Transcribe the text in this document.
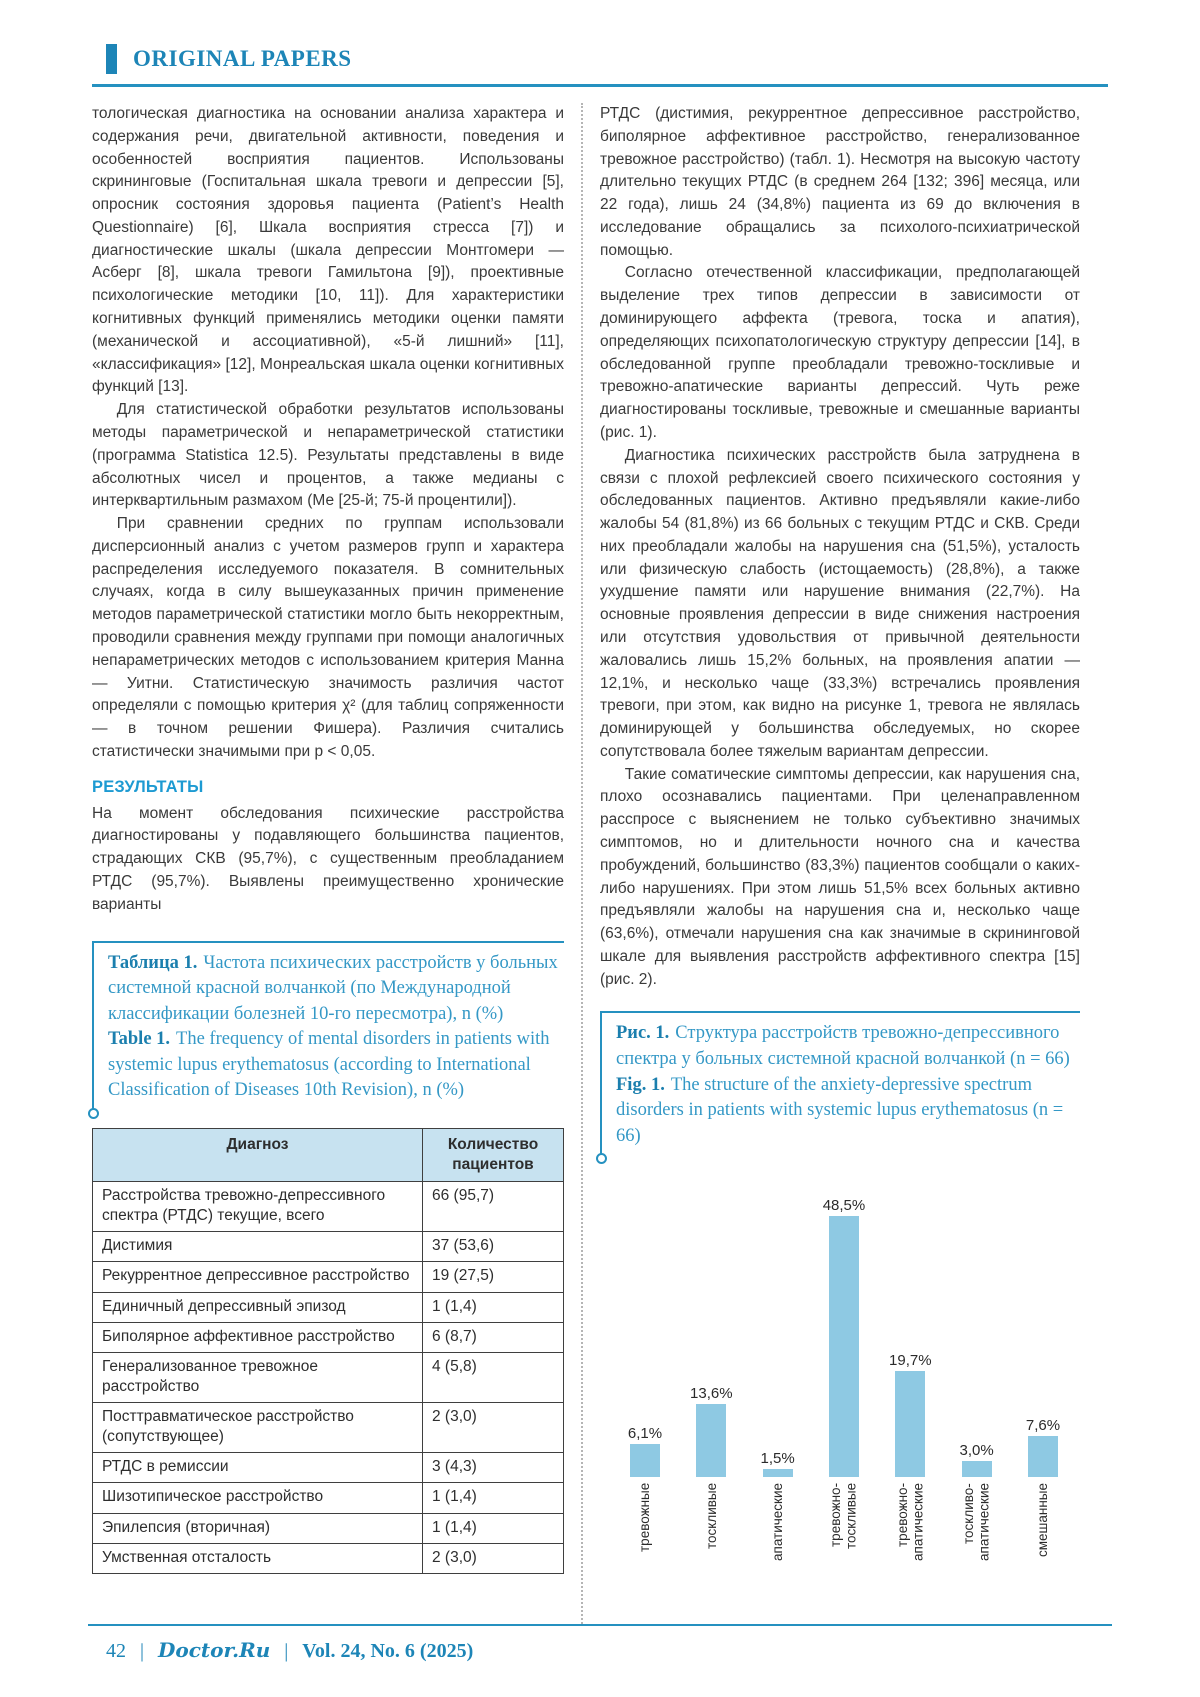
ORIGINAL PAPERS

тологическая диагностика на основании анализа характера и содержания речи, двигательной активности, поведения и особенностей восприятия пациентов. Использованы скрининговые (Госпитальная шкала тревоги и депрессии [5], опросник состояния здоровья пациента (Patient’s Health Questionnaire) [6], Шкала восприятия стресса [7]) и диагностические шкалы (шкала депрессии Монтгомери — Асберг [8], шкала тревоги Гамильтона [9]), проективные психологические методики [10, 11]). Для характеристики когнитивных функций применялись методики оценки памяти (механической и ассоциативной), «5-й лишний» [11], «классификация» [12], Монреальская шкала оценки когнитивных функций [13].

Для статистической обработки результатов использованы методы параметрической и непараметрической статистики (программа Statistica 12.5). Результаты представлены в виде абсолютных чисел и процентов, а также медианы с интерквартильным размахом (Ме [25-й; 75-й процентили]).

При сравнении средних по группам использовали дисперсионный анализ с учетом размеров групп и характера распределения исследуемого показателя. В сомнительных случаях, когда в силу вышеуказанных причин применение методов параметрической статистики могло быть некорректным, проводили сравнения между группами при помощи аналогичных непараметрических методов с использованием критерия Манна — Уитни. Статистическую значимость различия частот определяли с помощью критерия χ² (для таблиц сопряженности — в точном решении Фишера). Различия считались статистически значимыми при p < 0,05.

РЕЗУЛЬТАТЫ

На момент обследования психические расстройства диагностированы у подавляющего большинства пациентов, страдающих СКВ (95,7%), с существенным преобладанием РТДС (95,7%). Выявлены преимущественно хронические варианты

Таблица 1. Частота психических расстройств у больных системной красной волчанкой (по Международной классификации болезней 10-го пересмотра), n (%)
Table 1. The frequency of mental disorders in patients with systemic lupus erythematosus (according to International Classification of Diseases 10th Revision), n (%)
Диагноз	Количество пациентов
Расстройства тревожно-депрессивного спектра (РТДС) текущие, всего	66 (95,7)
Дистимия	37 (53,6)
Рекуррентное депрессивное расстройство	19 (27,5)
Единичный депрессивный эпизод	1 (1,4)
Биполярное аффективное расстройство	6 (8,7)
Генерализованное тревожное расстройство	4 (5,8)
Посттравматическое расстройство (сопутствующее)	2 (3,0)
РТДС в ремиссии	3 (4,3)
Шизотипическое расстройство	1 (1,4)
Эпилепсия (вторичная)	1 (1,4)
Умственная отсталость	2 (3,0)

РТДС (дистимия, рекуррентное депрессивное расстройство, биполярное аффективное расстройство, генерализованное тревожное расстройство) (табл. 1). Несмотря на высокую частоту длительно текущих РТДС (в среднем 264 [132; 396] месяца, или 22 года), лишь 24 (34,8%) пациента из 69 до включения в исследование обращались за психолого-психиатрической помощью.

Согласно отечественной классификации, предполагающей выделение трех типов депрессии в зависимости от доминирующего аффекта (тревога, тоска и апатия), определяющих психопатологическую структуру депрессии [14], в обследованной группе преобладали тревожно-тоскливые и тревожно-апатические варианты депрессий. Чуть реже диагностированы тоскливые, тревожные и смешанные варианты (рис. 1).

Диагностика психических расстройств была затруднена в связи с плохой рефлексией своего психического состояния у обследованных пациентов. Активно предъявляли какие-либо жалобы 54 (81,8%) из 66 больных с текущим РТДС и СКВ. Среди них преобладали жалобы на нарушения сна (51,5%), усталость или физическую слабость (истощаемость) (28,8%), а также ухудшение памяти или нарушение внимания (22,7%). На основные проявления депрессии в виде снижения настроения или отсутствия удовольствия от привычной деятельности жаловались лишь 15,2% больных, на проявления апатии — 12,1%, и несколько чаще (33,3%) встречались проявления тревоги, при этом, как видно на рисунке 1, тревога не являлась доминирующей у большинства обследуемых, но скорее сопутствовала более тяжелым вариантам депрессии.

Такие соматические симптомы депрессии, как нарушения сна, плохо осознавались пациентами. При целенаправленном расспросе с выяснением не только субъективно значимых симптомов, но и длительности ночного сна и качества пробуждений, большинство (83,3%) пациентов сообщали о каких-либо нарушениях. При этом лишь 51,5% всех больных активно предъявляли жалобы на нарушения сна и, несколько чаще (63,6%), отмечали нарушения сна как значимые в скрининговой шкале для выявления расстройств аффективного спектра [15] (рис. 2).

Рис. 1. Структура расстройств тревожно-депрессивного спектра у больных системной красной волчанкой (n = 66)
Fig. 1. The structure of the anxiety-depressive spectrum disorders in patients with systemic lupus erythematosus (n = 66)
6,1%
тревожные
13,6%
тоскливые
1,5%
апатические
48,5%
тревожно-
тоскливые
19,7%
тревожно-
апатические
3,0%
тоскливо-
апатические
7,6%
смешанные
42 | Doctor.Ru | Vol. 24, No. 6 (2025)
